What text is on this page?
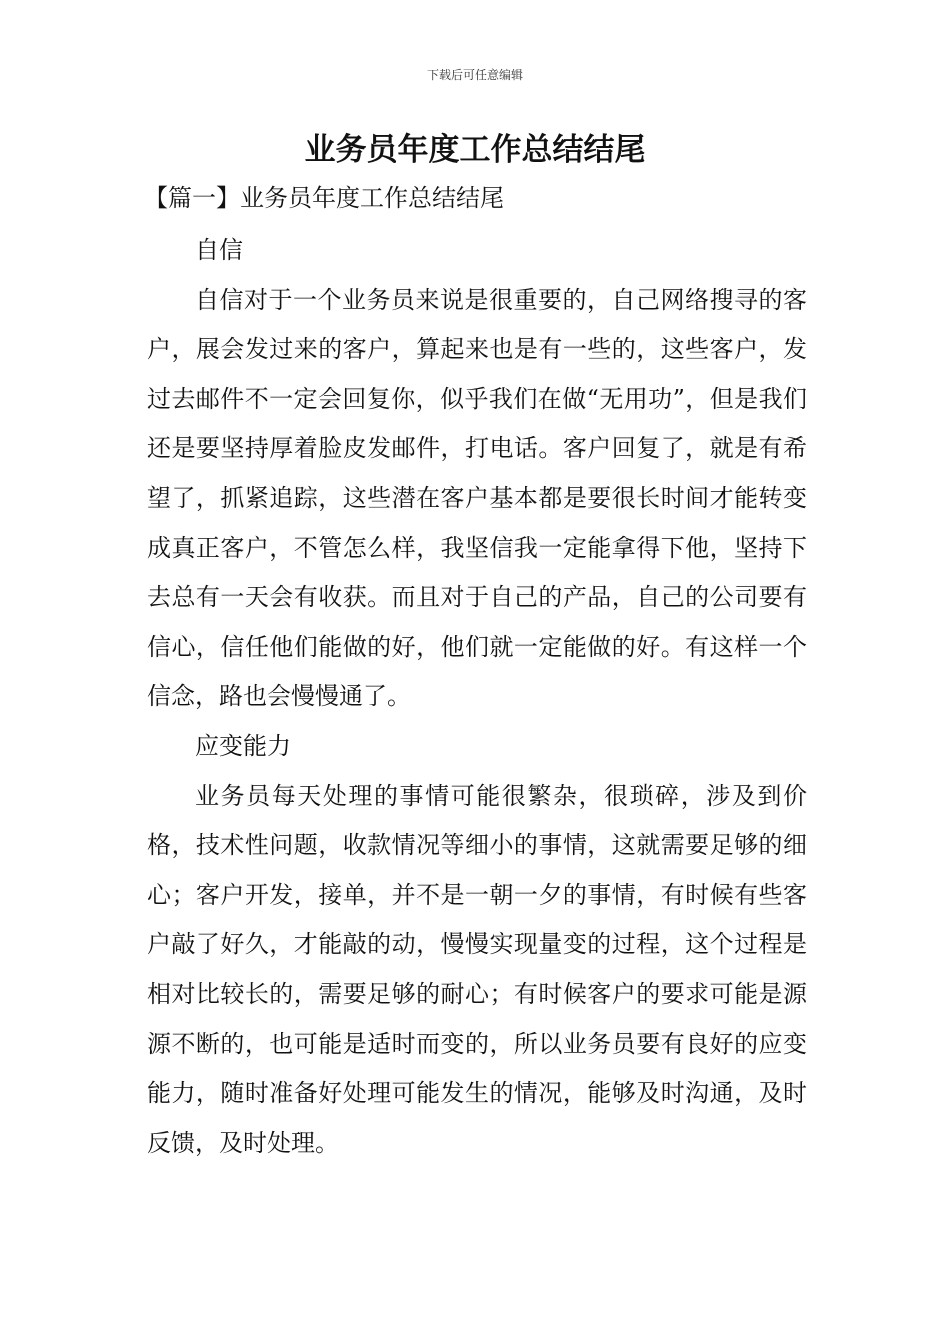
下载后可任意编辑
业务员年度工作总结结尾

【篇一】业务员年度工作总结结尾

自信

自信对于一个业务员来说是很重要的，自己网络搜寻的客户，展会发过来的客户，算起来也是有一些的，这些客户，发过去邮件不一定会回复你，似乎我们在做“无用功”，但是我们还是要坚持厚着脸皮发邮件，打电话。客户回复了，就是有希望了，抓紧追踪，这些潜在客户基本都是要很长时间才能转变成真正客户，不管怎么样，我坚信我一定能拿得下他，坚持下去总有一天会有收获。而且对于自己的产品，自己的公司要有信心，信任他们能做的好，他们就一定能做的好。有这样一个信念，路也会慢慢通了。

应变能力

业务员每天处理的事情可能很繁杂，很琐碎，涉及到价格，技术性问题，收款情况等细小的事情，这就需要足够的细心；客户开发，接单，并不是一朝一夕的事情，有时候有些客户敲了好久，才能敲的动，慢慢实现量变的过程，这个过程是相对比较长的，需要足够的耐心；有时候客户的要求可能是源源不断的，也可能是适时而变的，所以业务员要有良好的应变能力，随时准备好处理可能发生的情况，能够及时沟通，及时反馈，及时处理。
